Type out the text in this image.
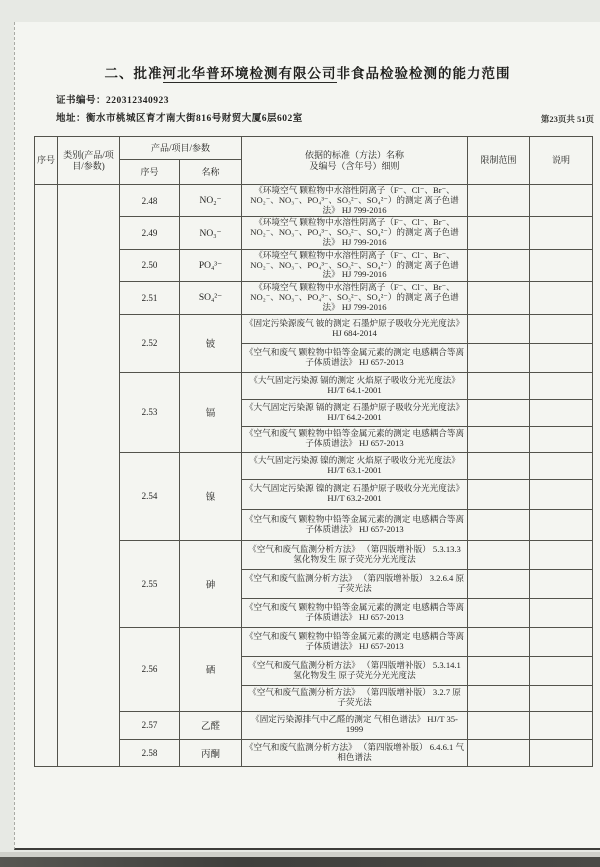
二、批准河北华普环境检测有限公司非食品检验检测的能力范围
证书编号：220312340923
地址：衡水市桃城区育才南大街816号财贸大厦6层602室	第23页共 51页
序号	类别(产品/项目/参数)	产品/项目/参数		依据的标准（方法）名称
及编号（含年号）细则	限制范围	说明
		序号	名称			
		2.48	NO₂⁻	《环境空气 颗粒物中水溶性阴离子（F⁻、Cl⁻、Br⁻、NO₂⁻、NO₃⁻、PO₄³⁻、SO₃²⁻、SO₄²⁻）的测定 离子色谱法》 HJ 799-2016		
		2.49	NO₃⁻	《环境空气 颗粒物中水溶性阴离子（F⁻、Cl⁻、Br⁻、NO₂⁻、NO₃⁻、PO₄³⁻、SO₃²⁻、SO₄²⁻）的测定 离子色谱法》 HJ 799-2016		
		2.50	PO₄³⁻	《环境空气 颗粒物中水溶性阴离子（F⁻、Cl⁻、Br⁻、NO₂⁻、NO₃⁻、PO₄³⁻、SO₃²⁻、SO₄²⁻）的测定 离子色谱法》 HJ 799-2016		
		2.51	SO₄²⁻	《环境空气 颗粒物中水溶性阴离子（F⁻、Cl⁻、Br⁻、NO₂⁻、NO₃⁻、PO₄³⁻、SO₃²⁻、SO₄²⁻）的测定 离子色谱法》 HJ 799-2016		
		2.52	铍	《固定污染源废气 铍的测定 石墨炉原子吸收分光光度法》 HJ 684-2014		
				《空气和废气 颗粒物中铅等金属元素的测定 电感耦合等离子体质谱法》 HJ 657-2013		
		2.53	镉	《大气固定污染源 镉的测定 火焰原子吸收分光光度法》 HJ/T 64.1-2001		
				《大气固定污染源 镉的测定 石墨炉原子吸收分光光度法》 HJ/T 64.2-2001		
				《空气和废气 颗粒物中铅等金属元素的测定 电感耦合等离子体质谱法》 HJ 657-2013		
		2.54	镍	《大气固定污染源 镍的测定 火焰原子吸收分光光度法》 HJ/T 63.1-2001		
				《大气固定污染源 镍的测定 石墨炉原子吸收分光光度法》 HJ/T 63.2-2001		
				《空气和废气 颗粒物中铅等金属元素的测定 电感耦合等离子体质谱法》 HJ 657-2013		
		2.55	砷	《空气和废气监测分析方法》 （第四版增补版） 5.3.13.3 氢化物发生 原子荧光分光光度法		
				《空气和废气监测分析方法》 （第四版增补版） 3.2.6.4 原子荧光法		
				《空气和废气 颗粒物中铅等金属元素的测定 电感耦合等离子体质谱法》 HJ 657-2013		
		2.56	硒	《空气和废气 颗粒物中铅等金属元素的测定 电感耦合等离子体质谱法》 HJ 657-2013		
				《空气和废气监测分析方法》 （第四版增补版） 5.3.14.1 氢化物发生 原子荧光分光光度法		
				《空气和废气监测分析方法》 （第四版增补版） 3.2.7 原子荧光法		
		2.57	乙醛	《固定污染源排气中乙醛的测定 气相色谱法》 HJ/T 35-1999		
		2.58	丙酮	《空气和废气监测分析方法》 （第四版增补版） 6.4.6.1 气相色谱法		
